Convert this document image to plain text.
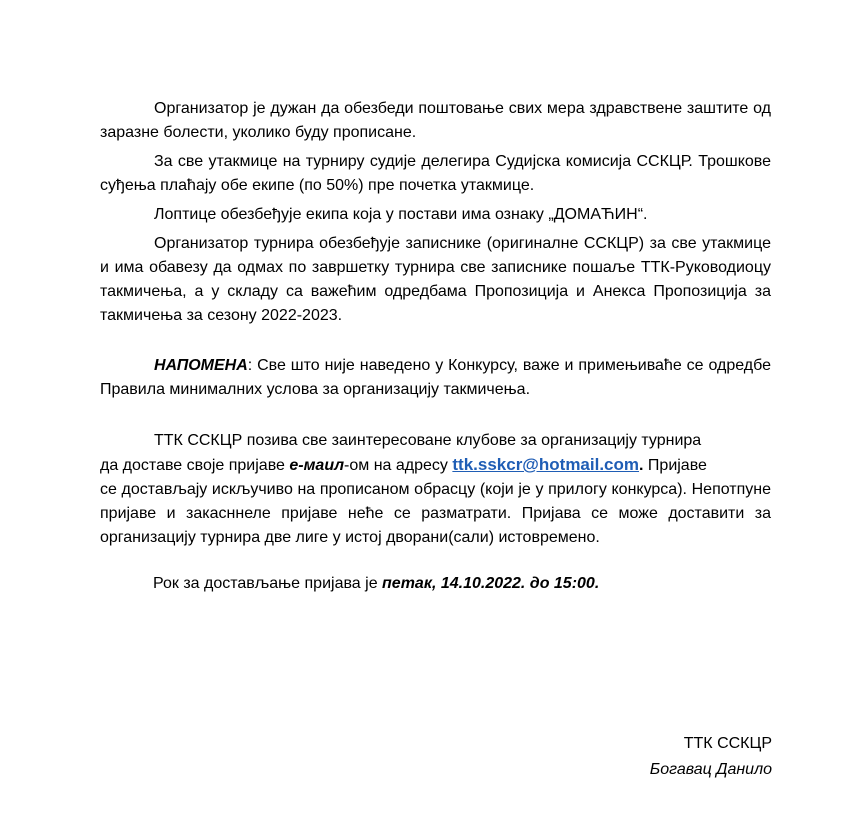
Организатор је дужан да обезбеди поштовање свих мера здравствене заштите од заразне болести, уколико буду прописане.

За све утакмице на турниру судије делегира Судијска комисија ССКЦР. Трошкове суђења плаћају обе екипе (по 50%) пре почетка утакмице.

Лоптице обезбеђује екипа која у постави има ознаку „ДОМАЋИН“.

Организатор турнира обезбеђује записнике (оригиналне ССКЦР) за све утакмице и има обавезу да одмах по завршетку турнира све записнике пошаље ТТК-Руководиоцу такмичења, а у складу са важећим одредбама Пропозиција и Анекса Пропозиција за такмичења за сезону 2022-2023.

НАПОМЕНА: Све што није наведено у Конкурсу, важе и примењиваће се одредбе Правила минималних услова за организацију такмичења.

ТТК ССКЦР позива све заинтересоване клубове за организацију турнира

да доставе своје пријаве е-маил-ом на адресу ttk.sskcr@hotmail.com. Пријаве

се достављају искључиво на прописаном обрасцу (који је у прилогу конкурса). Непотпуне пријаве и закасннеле пријаве неће се разматрати. Пријава се може доставити за организацију турнира две лиге у истој дворани(сали) истовремено.

Рок за достављање пријава је петак, 14.10.2022. до 15:00.

ТТК ССКЦР
Богавац Данило
